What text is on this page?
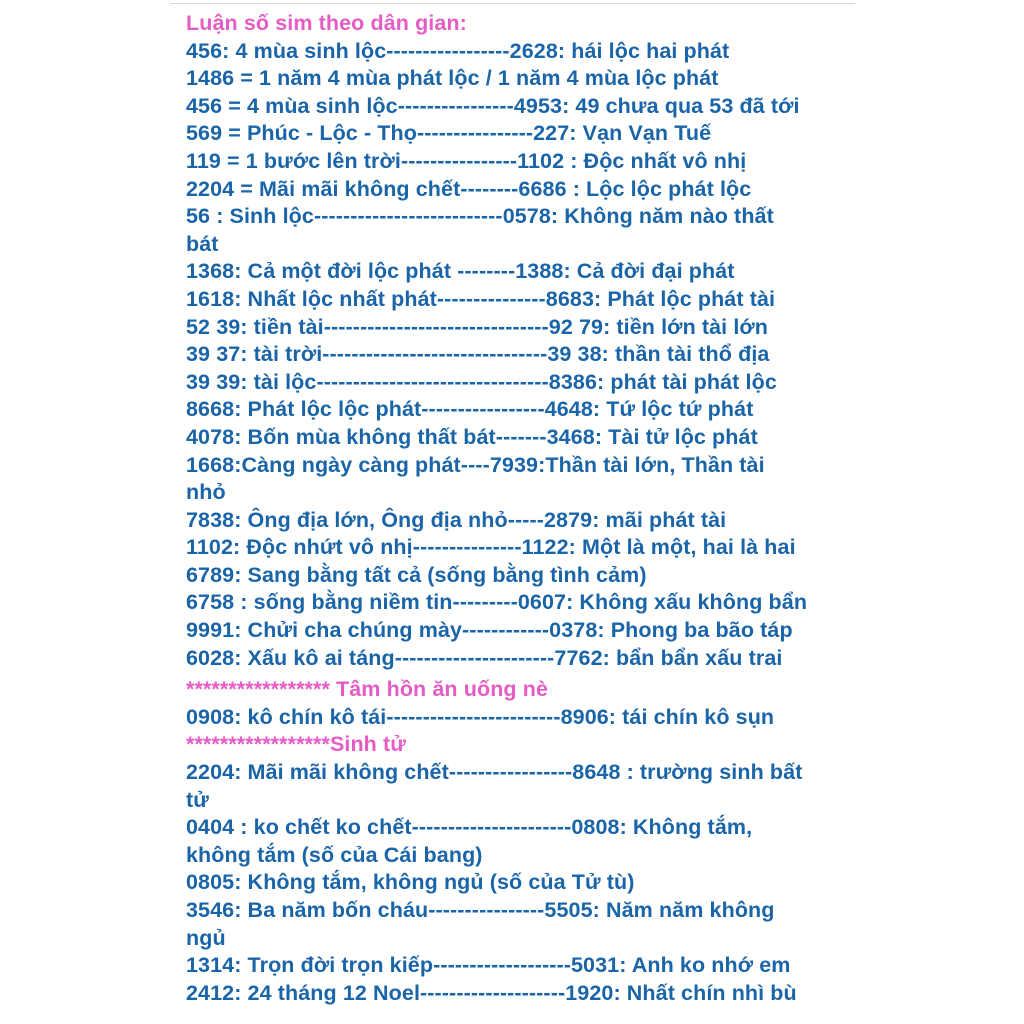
Luận số sim theo dân gian:
456: 4 mùa sinh lộc-----------------2628: hái lộc hai phát
1486 = 1 năm 4 mùa phát lộc / 1 năm 4 mùa lộc phát
456 = 4 mùa sinh lộc----------------4953: 49 chưa qua 53 đã tới
569 = Phúc - Lộc - Thọ----------------227: Vạn Vạn Tuế
119 = 1 bước lên trời----------------1102 : Độc nhất vô nhị
2204 = Mãi mãi không chết--------6686 : Lộc lộc phát lộc
56 : Sinh lộc--------------------------0578: Không năm nào thất
bát
1368: Cả một đời lộc phát --------1388: Cả đời đại phát
1618: Nhất lộc nhất phát---------------8683: Phát lộc phát tài
52 39: tiền tài-------------------------------92 79: tiền lớn tài lớn
39 37: tài trời-------------------------------39 38: thần tài thổ địa
39 39: tài lộc--------------------------------8386: phát tài phát lộc
8668: Phát lộc lộc phát-----------------4648: Tứ lộc tứ phát
4078: Bốn mùa không thất bát-------3468: Tài tử lộc phát
1668:Càng ngày càng phát----7939:Thần tài lớn, Thần tài
nhỏ
7838: Ông địa lớn, Ông địa nhỏ-----2879: mãi phát tài
1102: Độc nhứt vô nhị---------------1122: Một là một, hai là hai
6789: Sang bằng tất cả (sống bằng tình cảm)
6758 : sống bằng niềm tin---------0607: Không xấu không bẩn
9991: Chửi cha chúng mày------------0378: Phong ba bão táp
6028: Xấu kô ai táng----------------------7762: bẩn bẩn xấu trai
***************** Tâm hồn ăn uống nè
0908: kô chín kô tái------------------------8906: tái chín kô sụn
*****************Sinh tử
2204: Mãi mãi không chết-----------------8648 : trường sinh bất
tử
0404 : ko chết ko chết----------------------0808: Không tắm,
không tắm (số của Cái bang)
0805: Không tắm, không ngủ (số của Tử tù)
3546: Ba năm bốn cháu----------------5505: Năm năm không
ngủ
1314: Trọn đời trọn kiếp-------------------5031: Anh ko nhớ em
2412: 24 tháng 12 Noel--------------------1920: Nhất chín nhì bù
